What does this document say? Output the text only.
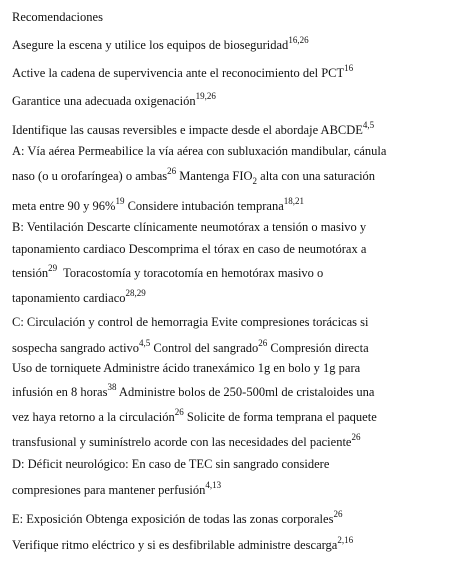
Recomendaciones
Asegure la escena y utilice los equipos de bioseguridad$^{16,26}$
Active la cadena de supervivencia ante el reconocimiento del PCT$^{16}$
Garantice una adecuada oxigenación$^{19,26}$
Identifique las causas reversibles e impacte desde el abordaje ABCDE$^{4,5}$
A: Vía aérea Permeabilice la vía aérea con subluxación mandibular, cánula
naso (o u orofaríngea) o ambas$^{26}$ Mantenga $FIO_2$ alta con una saturación
meta entre 90 y 96%$^{19}$ Considere intubación temprana$^{18,21}$
B: Ventilación Descarte clínicamente neumotórax a tensión o masivo y
taponamiento cardiaco Descomprima el tórax en caso de neumotórax a
tensión$^{29}$  Toracostomía y toracotomía en hemotórax masivo o
taponamiento cardiaco$^{28,29}$
C: Circulación y control de hemorragia Evite compresiones torácicas si
sospecha sangrado activo$^{4,5}$ Control del sangrado$^{26}$ Compresión directa
Uso de torniquete Administre ácido tranexámico 1g en bolo y 1g para
infusión en 8 horas$^{38}$ Administre bolos de 250-500ml de cristaloides una
vez haya retorno a la circulación$^{26}$ Solicite de forma temprana el paquete
transfusional y suminístrelo acorde con las necesidades del paciente$^{26}$
D: Déficit neurológico: En caso de TEC sin sangrado considere
compresiones para mantener perfusión$^{4,13}$
E: Exposición Obtenga exposición de todas las zonas corporales$^{26}$
Verifique ritmo eléctrico y si es desfibrilable administre descarga$^{2,16}$
